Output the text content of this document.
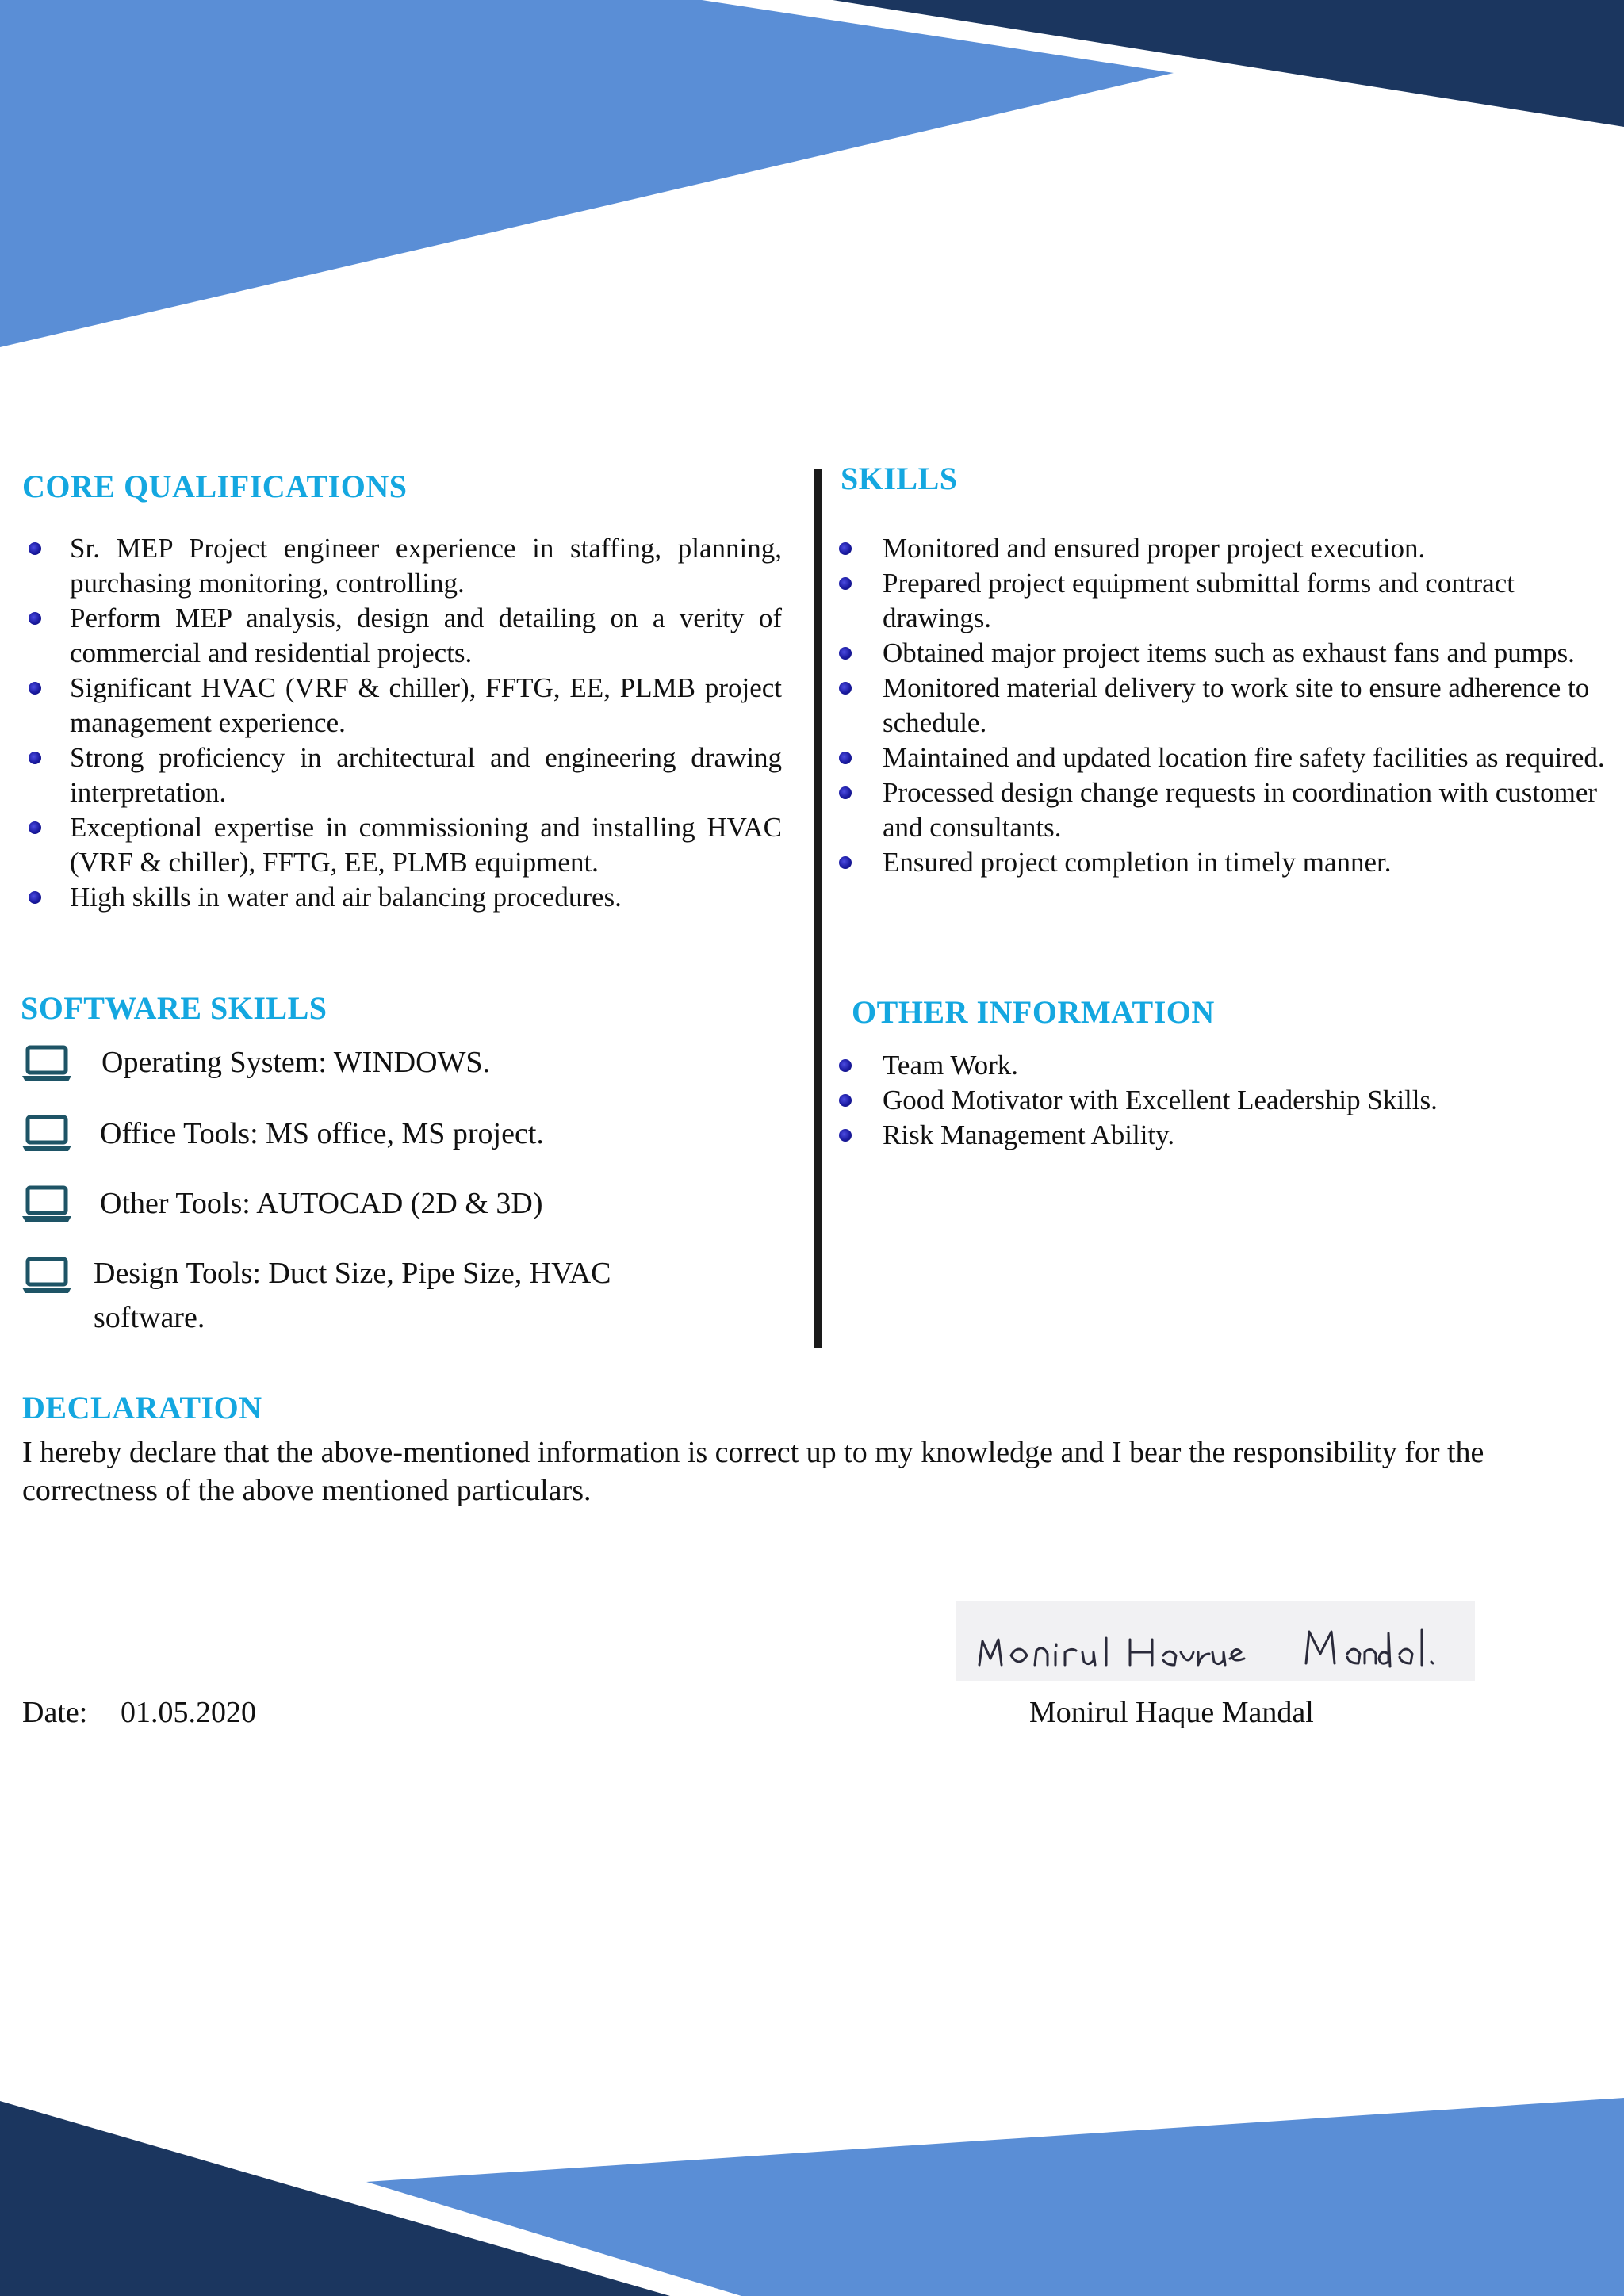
CORE QUALIFICATIONS
Sr. MEP Project engineer experience in staffing, planning, purchasing monitoring, controlling.
Perform MEP analysis, design and detailing on a verity of commercial and residential projects.
Significant HVAC (VRF & chiller), FFTG, EE, PLMB project management experience.
Strong proficiency in architectural and engineering drawing interpretation.
Exceptional expertise in commissioning and installing HVAC (VRF & chiller), FFTG, EE, PLMB equipment.
High skills in water and air balancing procedures.
SKILLS
Monitored and ensured proper project execution.
Prepared project equipment submittal forms and contract drawings.
Obtained major project items such as exhaust fans and pumps.
Monitored material delivery to work site to ensure adherence to schedule.
Maintained and updated location fire safety facilities as required.
Processed design change requests in coordination with customer and consultants.
Ensured project completion in timely manner.
SOFTWARE SKILLS
Operating System: WINDOWS.
Office Tools: MS office, MS project.
Other Tools: AUTOCAD (2D & 3D)
Design Tools: Duct Size, Pipe Size, HVAC software.
OTHER INFORMATION
Team Work.
Good Motivator with Excellent Leadership Skills.
Risk Management Ability.
DECLARATION

I hereby declare that the above-mentioned information is correct up to my knowledge and I bear the responsibility for the correctness of the above mentioned particulars.

Date: 01.05.2020	Monirul Haque Mandal
